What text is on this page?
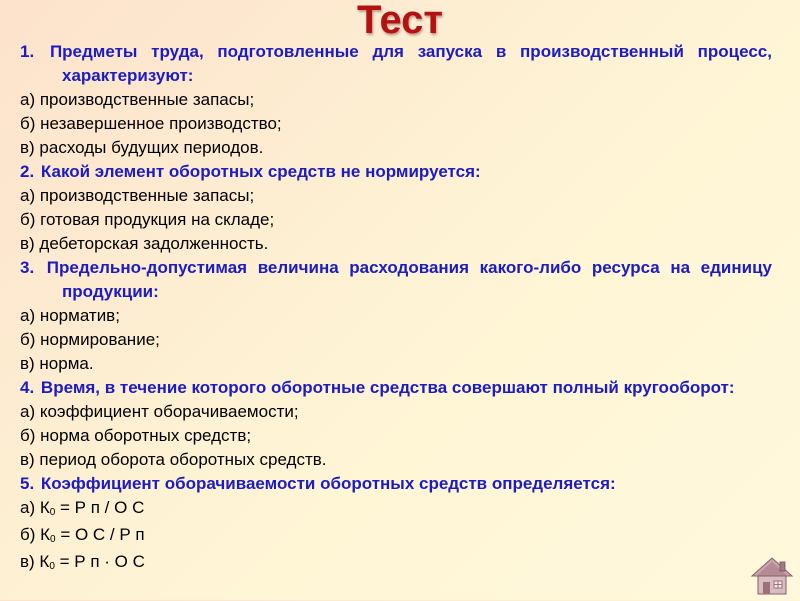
Тест
1. Предметы труда, подготовленные для запуска в производственный процесс, характеризуют:
а) производственные запасы;
б) незавершенное производство;
в) расходы будущих периодов.
2. Какой элемент оборотных средств не нормируется:
а) производственные запасы;
б) готовая продукция на складе;
в) дебеторская задолженность.
3. Предельно-допустимая величина расходования какого-либо ресурса на единицу продукции:
а) норматив;
б) нормирование;
в) норма.
4. Время, в течение которого оборотные средства совершают полный кругооборот:
а) коэффициент оборачиваемости;
б) норма оборотных средств;
в) период оборота оборотных средств.
5. Коэффициент оборачиваемости оборотных средств определяется:
а) К0 = Р п / О С
б) К0 = О С / Р п
в) К0 = Р п · О С
